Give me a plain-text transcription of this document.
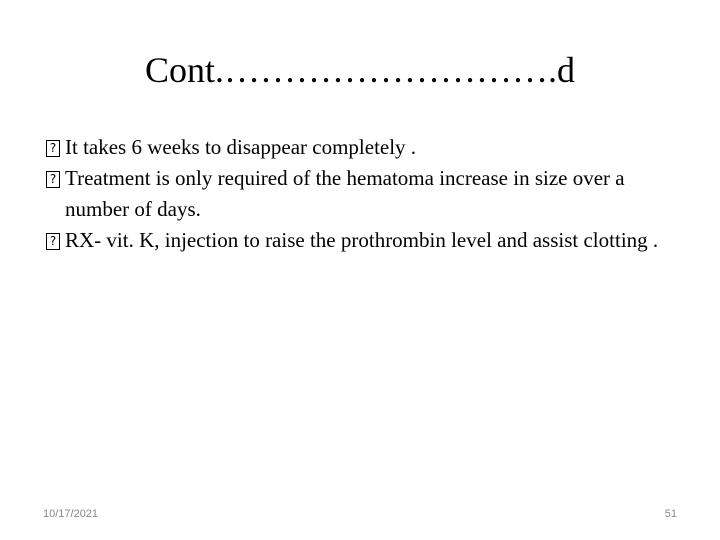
Cont.……………………….d
?
It takes 6 weeks to disappear completely .
?
Treatment is only required of the hematoma increase in size over a number of days.
?
RX- vit. K, injection to raise the prothrombin level and assist clotting .
10/17/2021	51
